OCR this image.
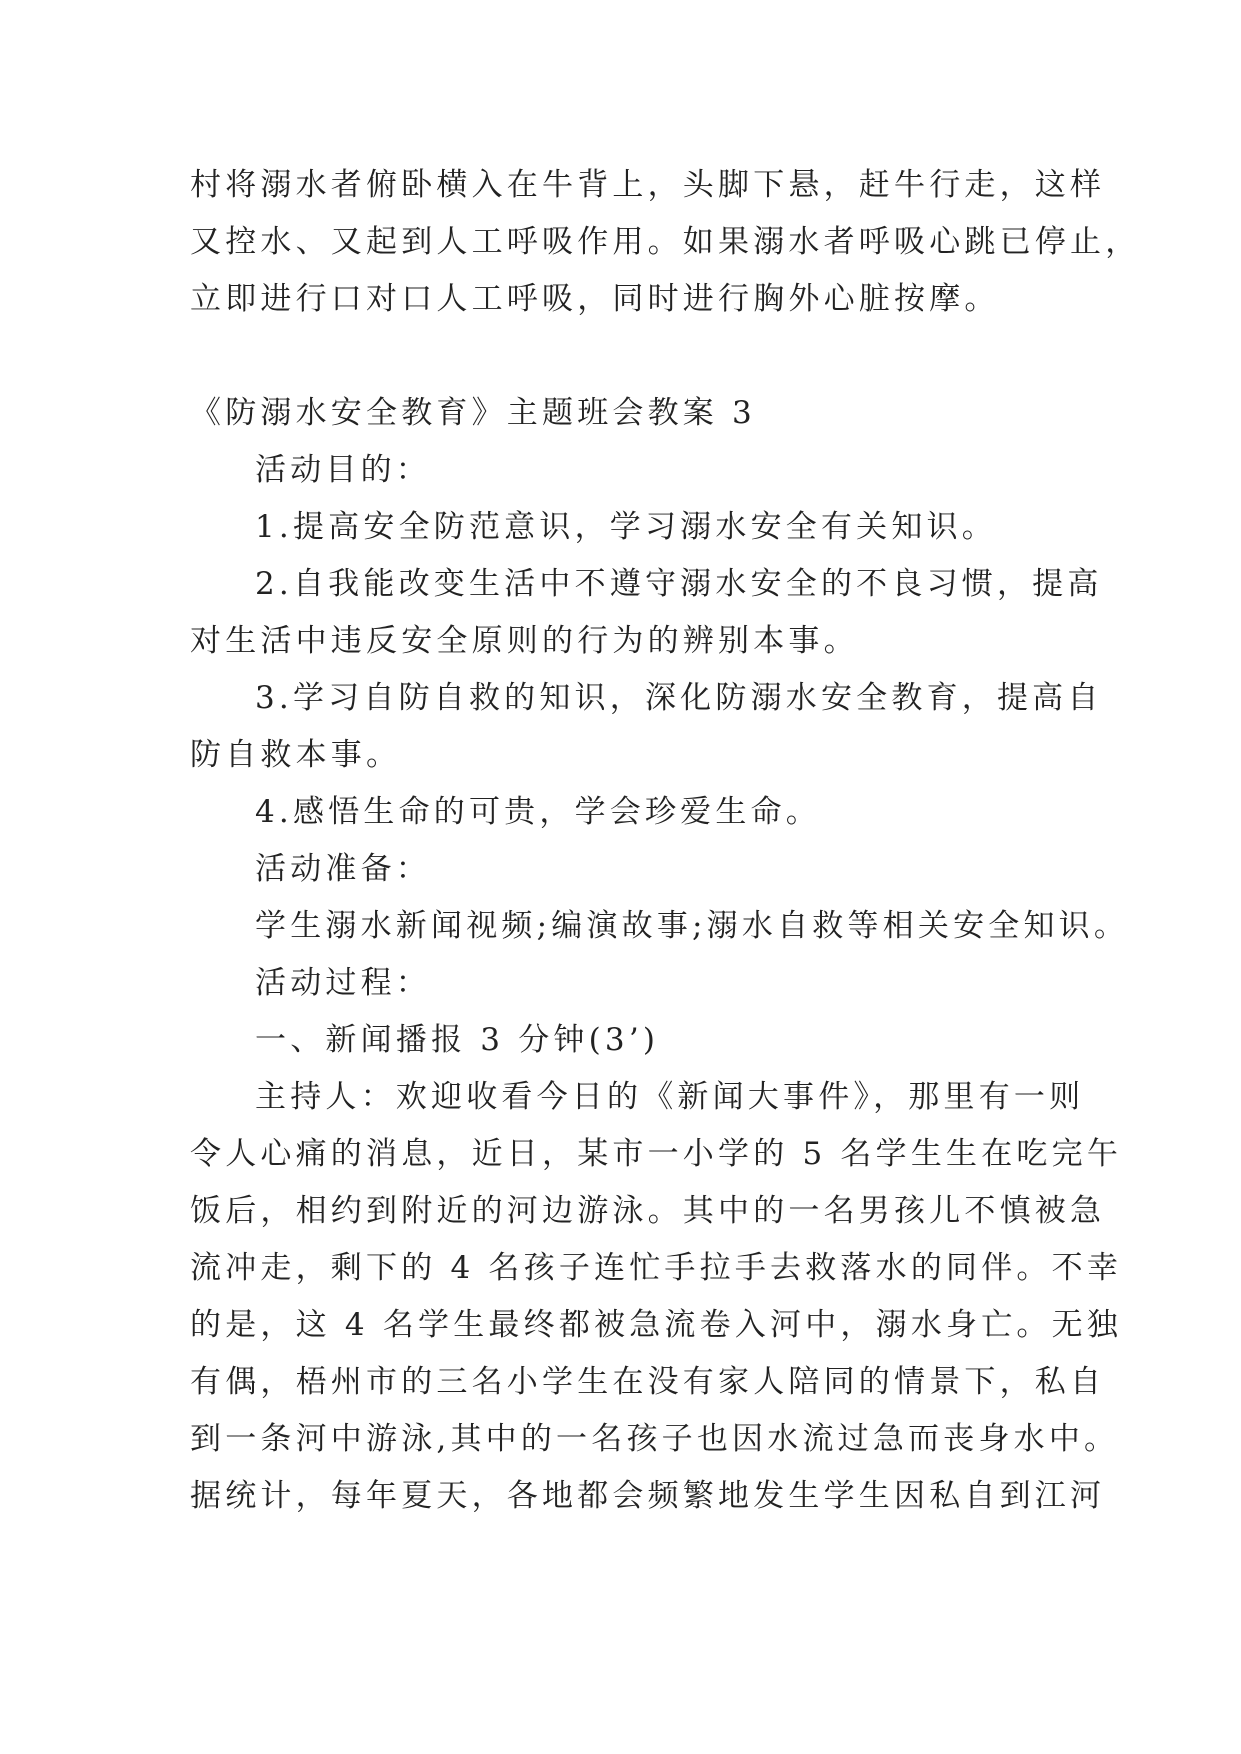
村将溺水者俯卧横入在牛背上，头脚下悬，赶牛行走，这样
又控水、又起到人工呼吸作用。如果溺水者呼吸心跳已停止，
立即进行口对口人工呼吸，同时进行胸外心脏按摩。
《防溺水安全教育》主题班会教案 3
活动目的：
1.提高安全防范意识，学习溺水安全有关知识。
2.自我能改变生活中不遵守溺水安全的不良习惯，提高
对生活中违反安全原则的行为的辨别本事。
3.学习自防自救的知识，深化防溺水安全教育，提高自
防自救本事。
4.感悟生命的可贵，学会珍爱生命。
活动准备：
学生溺水新闻视频;编演故事;溺水自救等相关安全知识。
活动过程：
一、新闻播报 3 分钟(3’)
主持人：欢迎收看今日的《新闻大事件》，那里有一则
令人心痛的消息，近日，某市一小学的 5 名学生生在吃完午
饭后，相约到附近的河边游泳。其中的一名男孩儿不慎被急
流冲走，剩下的 4 名孩子连忙手拉手去救落水的同伴。不幸
的是，这 4 名学生最终都被急流卷入河中，溺水身亡。无独
有偶，梧州市的三名小学生在没有家人陪同的情景下，私自
到一条河中游泳,其中的一名孩子也因水流过急而丧身水中。
据统计，每年夏天，各地都会频繁地发生学生因私自到江河
